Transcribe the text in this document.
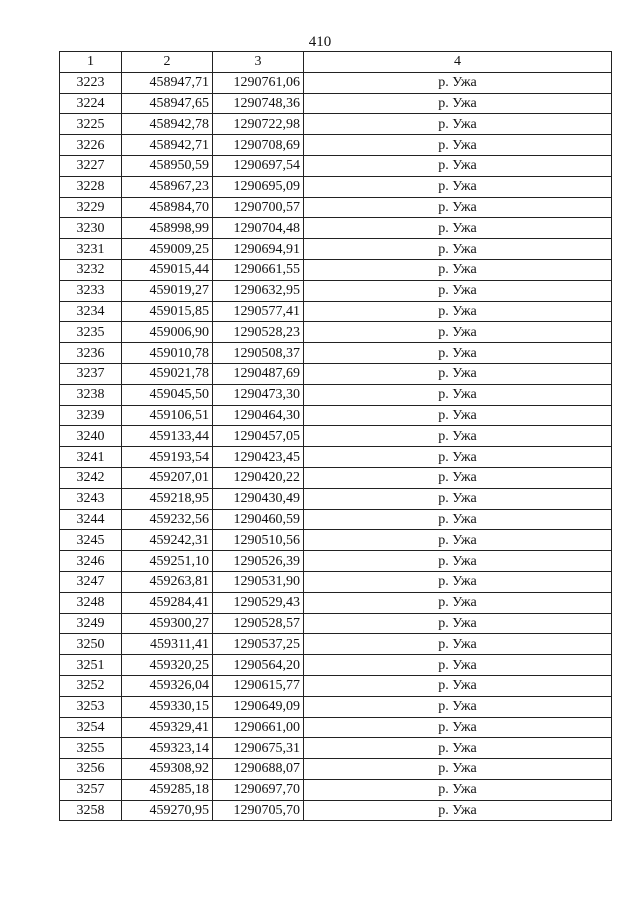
410
1	2	3	4
3223	458947,71	1290761,06	р. Ужа
3224	458947,65	1290748,36	р. Ужа
3225	458942,78	1290722,98	р. Ужа
3226	458942,71	1290708,69	р. Ужа
3227	458950,59	1290697,54	р. Ужа
3228	458967,23	1290695,09	р. Ужа
3229	458984,70	1290700,57	р. Ужа
3230	458998,99	1290704,48	р. Ужа
3231	459009,25	1290694,91	р. Ужа
3232	459015,44	1290661,55	р. Ужа
3233	459019,27	1290632,95	р. Ужа
3234	459015,85	1290577,41	р. Ужа
3235	459006,90	1290528,23	р. Ужа
3236	459010,78	1290508,37	р. Ужа
3237	459021,78	1290487,69	р. Ужа
3238	459045,50	1290473,30	р. Ужа
3239	459106,51	1290464,30	р. Ужа
3240	459133,44	1290457,05	р. Ужа
3241	459193,54	1290423,45	р. Ужа
3242	459207,01	1290420,22	р. Ужа
3243	459218,95	1290430,49	р. Ужа
3244	459232,56	1290460,59	р. Ужа
3245	459242,31	1290510,56	р. Ужа
3246	459251,10	1290526,39	р. Ужа
3247	459263,81	1290531,90	р. Ужа
3248	459284,41	1290529,43	р. Ужа
3249	459300,27	1290528,57	р. Ужа
3250	459311,41	1290537,25	р. Ужа
3251	459320,25	1290564,20	р. Ужа
3252	459326,04	1290615,77	р. Ужа
3253	459330,15	1290649,09	р. Ужа
3254	459329,41	1290661,00	р. Ужа
3255	459323,14	1290675,31	р. Ужа
3256	459308,92	1290688,07	р. Ужа
3257	459285,18	1290697,70	р. Ужа
3258	459270,95	1290705,70	р. Ужа
